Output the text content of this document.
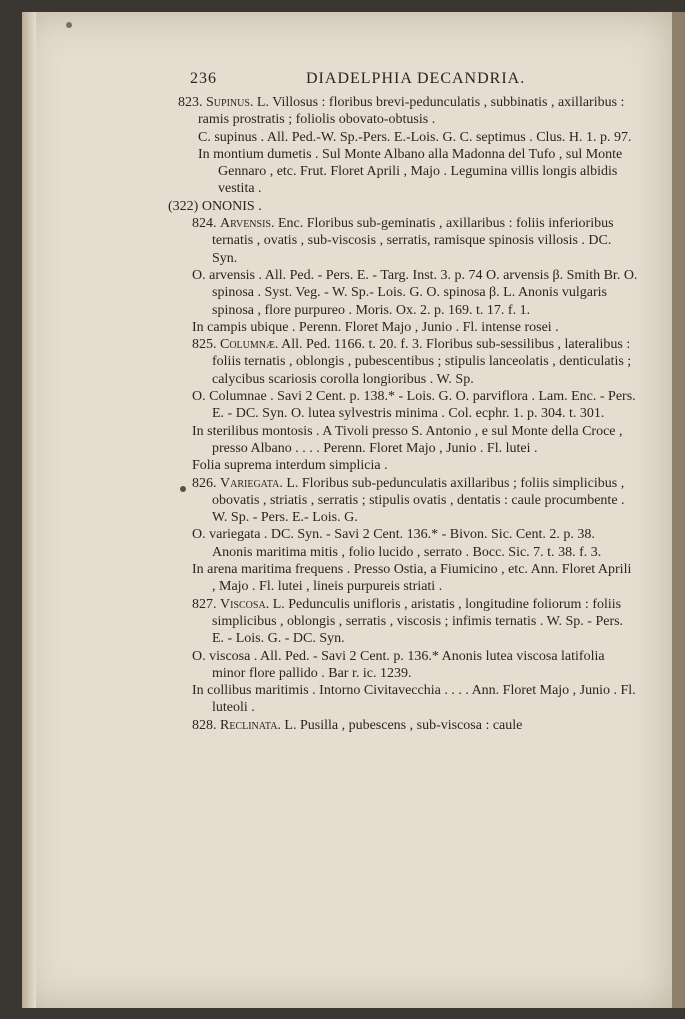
236	DIADELPHIA DECANDRIA.

823. Supinus. L. Villosus : floribus brevi-pedunculatis , subbinatis , axillaribus : ramis prostratis ; foliolis obovato-obtusis .

C. supinus . All. Ped.-W. Sp.-Pers. E.-Lois. G. C. septimus . Clus. H. 1. p. 97.

In montium dumetis . Sul Monte Albano alla Madonna del Tufo , sul Monte Gennaro , etc. Frut. Floret Aprili , Majo . Legumina villis longis albidis vestita .

(322) ONONIS .

824. Arvensis. Enc. Floribus sub-geminatis , axillaribus : foliis inferioribus ternatis , ovatis , sub-viscosis , serratis, ramisque spinosis villosis . DC. Syn.

O. arvensis . All. Ped. - Pers. E. - Targ. Inst. 3. p. 74 O. arvensis β. Smith Br. O. spinosa . Syst. Veg. - W. Sp.- Lois. G. O. spinosa β. L. Anonis vulgaris spinosa , flore purpureo . Moris. Ox. 2. p. 169. t. 17. f. 1.

In campis ubique . Perenn. Floret Majo , Junio . Fl. intense rosei .

825. Columnæ. All. Ped. 1166. t. 20. f. 3. Floribus sub-sessilibus , lateralibus : foliis ternatis , oblongis , pubescentibus ; stipulis lanceolatis , denticulatis ; calycibus scariosis corolla longioribus . W. Sp.

O. Columnae . Savi 2 Cent. p. 138.* - Lois. G. O. parviflora . Lam. Enc. - Pers. E. - DC. Syn. O. lutea sylvestris minima . Col. ecphr. 1. p. 304. t. 301.

In sterilibus montosis . A Tivoli presso S. Antonio , e sul Monte della Croce , presso Albano . . . . Perenn. Floret Majo , Junio . Fl. lutei .

Folia suprema interdum simplicia .

826. Variegata. L. Floribus sub-pedunculatis axillaribus ; foliis simplicibus , obovatis , striatis , serratis ; stipulis ovatis , dentatis : caule procumbente . W. Sp. - Pers. E.- Lois. G.

O. variegata . DC. Syn. - Savi 2 Cent. 136.* - Bivon. Sic. Cent. 2. p. 38. Anonis maritima mitis , folio lucido , serrato . Bocc. Sic. 7. t. 38. f. 3.

In arena maritima frequens . Presso Ostia, a Fiumicino , etc. Ann. Floret Aprili , Majo . Fl. lutei , lineis purpureis striati .

827. Viscosa. L. Pedunculis unifloris , aristatis , longitudine foliorum : foliis simplicibus , oblongis , serratis , viscosis ; infimis ternatis . W. Sp. - Pers. E. - Lois. G. - DC. Syn.

O. viscosa . All. Ped. - Savi 2 Cent. p. 136.* Anonis lutea viscosa latifolia minor flore pallido . Bar r. ic. 1239.

In collibus maritimis . Intorno Civitavecchia . . . . Ann. Floret Majo , Junio . Fl. luteoli .

828. Reclinata. L. Pusilla , pubescens , sub-viscosa : caule
